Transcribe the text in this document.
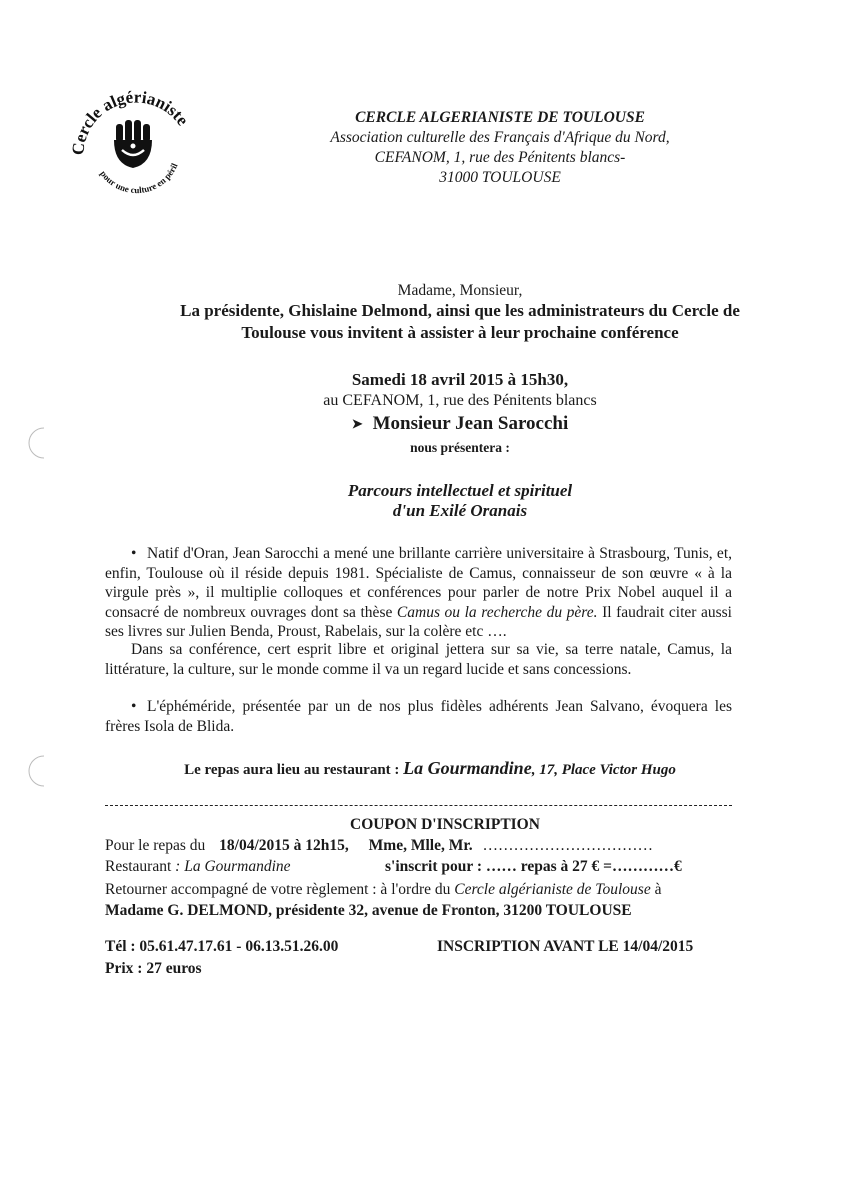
Cercle algérianiste
pour une culture en péril
CERCLE ALGERIANISTE DE TOULOUSE
Association culturelle des Français d'Afrique du Nord,
CEFANOM, 1, rue des Pénitents blancs-
31000 TOULOUSE
Madame, Monsieur,
La présidente, Ghislaine Delmond, ainsi que les administrateurs du Cercle de
Toulouse vous invitent à assister à leur prochaine conférence
Samedi 18 avril 2015 à 15h30,
au CEFANOM, 1, rue des Pénitents blancs
➤ Monsieur Jean Sarocchi
nous présentera :
Parcours intellectuel et spirituel
d'un Exilé Oranais
• Natif d'Oran, Jean Sarocchi a mené une brillante carrière universitaire à Strasbourg, Tunis, et, enfin, Toulouse où il réside depuis 1981. Spécialiste de Camus, connaisseur de son œuvre « à la virgule près », il multiplie colloques et conférences pour parler de notre Prix Nobel auquel il a consacré de nombreux ouvrages dont sa thèse Camus ou la recherche du père. Il faudrait citer aussi ses livres sur Julien Benda, Proust, Rabelais, sur la colère etc ….
Dans sa conférence, cert esprit libre et original jettera sur sa vie, sa terre natale, Camus, la littérature, la culture, sur le monde comme il va un regard lucide et sans concessions.
• L'éphéméride, présentée par un de nos plus fidèles adhérents Jean Salvano, évoquera les frères Isola de Blida.
Le repas aura lieu au restaurant : La Gourmandine, 17, Place Victor Hugo
COUPON D'INSCRIPTION
Pour le repas du 18/04/2015 à 12h15, Mme, Mlle, Mr. ……………………………
Restaurant : La Gourmandine	s'inscrit pour : …… repas à 27 € =…………€
Retourner accompagné de votre règlement : à l'ordre du Cercle algérianiste de Toulouse à
Madame G. DELMOND, présidente 32, avenue de Fronton, 31200 TOULOUSE
Tél : 05.61.47.17.61 - 06.13.51.26.00	INSCRIPTION AVANT LE 14/04/2015
Prix : 27 euros
